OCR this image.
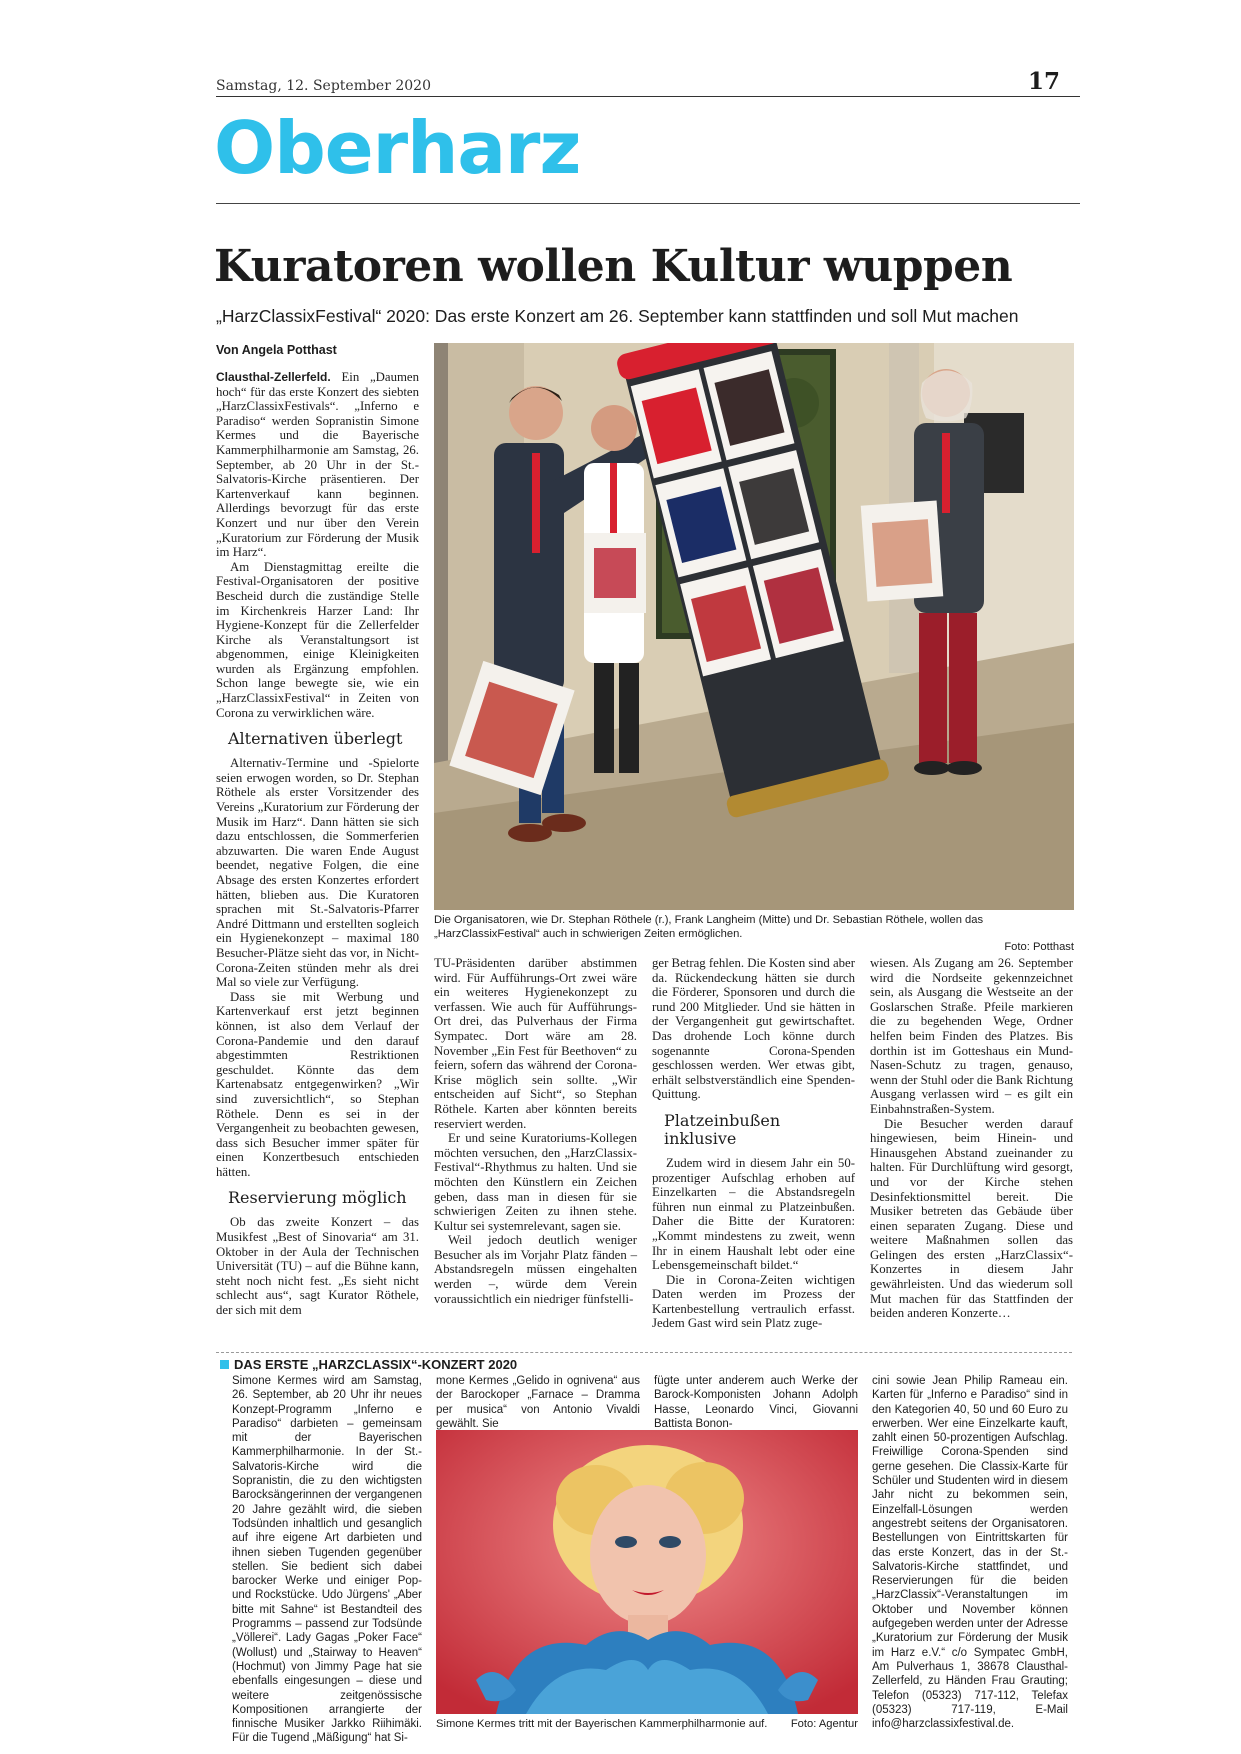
Samstag, 12. September 2020	17
Oberharz
Kuratoren wollen Kultur wuppen
„HarzClassixFestival“ 2020: Das erste Konzert am 26. September kann stattfinden und soll Mut machen
Von Angela Potthast

Clausthal-Zellerfeld. Ein „Daumen hoch“ für das erste Konzert des siebten „HarzClassixFestivals“. „Inferno e Paradiso“ werden Sopranistin Simone Kermes und die Bayerische Kammerphilharmonie am Samstag, 26. September, ab 20 Uhr in der St.-Salvatoris-Kirche präsentieren. Der Kartenverkauf kann beginnen. Allerdings bevorzugt für das erste Konzert und nur über den Verein „Kuratorium zur Förderung der Musik im Harz“.

Am Dienstagmittag ereilte die Festival-Organisatoren der positive Bescheid durch die zuständige Stelle im Kirchenkreis Harzer Land: Ihr Hygiene-Konzept für die Zellerfelder Kirche als Veranstaltungsort ist abgenommen, einige Kleinigkeiten wurden als Ergänzung empfohlen. Schon lange bewegte sie, wie ein „HarzClassixFestival“ in Zeiten von Corona zu verwirklichen wäre.

Alternativen überlegt

Alternativ-Termine und -Spielorte seien erwogen worden, so Dr. Stephan Röthele als erster Vorsitzender des Vereins „Kuratorium zur Förderung der Musik im Harz“. Dann hätten sie sich dazu entschlossen, die Sommerferien abzuwarten. Die waren Ende August beendet, negative Folgen, die eine Absage des ersten Konzertes erfordert hätten, blieben aus. Die Kuratoren sprachen mit St.-Salvatoris-Pfarrer André Dittmann und erstellten sogleich ein Hygienekonzept – maximal 180 Besucher-Plätze sieht das vor, in Nicht-Corona-Zeiten stünden mehr als drei Mal so viele zur Verfügung.

Dass sie mit Werbung und Kartenverkauf erst jetzt beginnen können, ist also dem Verlauf der Corona-Pandemie und den darauf abgestimmten Restriktionen geschuldet. Könnte das dem Kartenabsatz entgegenwirken? „Wir sind zuversichtlich“, so Stephan Röthele. Denn es sei in der Vergangenheit zu beobachten gewesen, dass sich Besucher immer später für einen Konzertbesuch entschieden hätten.

Reservierung möglich

Ob das zweite Konzert – das Musikfest „Best of Sinovaria“ am 31. Oktober in der Aula der Technischen Universität (TU) – auf die Bühne kann, steht noch nicht fest. „Es sieht nicht schlecht aus“, sagt Kurator Röthele, der sich mit dem

Die Organisatoren, wie Dr. Stephan Röthele (r.), Frank Langheim (Mitte) und Dr. Sebastian Röthele, wollen das „HarzClassixFestival“ auch in schwierigen Zeiten ermöglichen.
Foto: Potthast

TU-Präsidenten darüber abstimmen wird. Für Aufführungs-Ort zwei wäre ein weiteres Hygienekonzept zu verfassen. Wie auch für Aufführungs-Ort drei, das Pulverhaus der Firma Sympatec. Dort wäre am 28. November „Ein Fest für Beethoven“ zu feiern, sofern das während der Corona-Krise möglich sein sollte. „Wir entscheiden auf Sicht“, so Stephan Röthele. Karten aber könnten bereits reserviert werden.

Er und seine Kuratoriums-Kollegen möchten versuchen, den „HarzClassix-Festival“-Rhythmus zu halten. Und sie möchten den Künstlern ein Zeichen geben, dass man in diesen für sie schwierigen Zeiten zu ihnen stehe. Kultur sei systemrelevant, sagen sie.

Weil jedoch deutlich weniger Besucher als im Vorjahr Platz fänden – Abstandsregeln müssen eingehalten werden –, würde dem Verein voraussichtlich ein niedriger fünfstelli-

ger Betrag fehlen. Die Kosten sind aber da. Rückendeckung hätten sie durch die Förderer, Sponsoren und durch die rund 200 Mitglieder. Und sie hätten in der Vergangenheit gut gewirtschaftet. Das drohende Loch könne durch sogenannte Corona-Spenden geschlossen werden. Wer etwas gibt, erhält selbstverständlich eine Spenden-Quittung.

Platzeinbußen inklusive

Zudem wird in diesem Jahr ein 50-prozentiger Aufschlag erhoben auf Einzelkarten – die Abstandsregeln führen nun einmal zu Platzeinbußen. Daher die Bitte der Kuratoren: „Kommt mindestens zu zweit, wenn Ihr in einem Haushalt lebt oder eine Lebensgemeinschaft bildet.“

Die in Corona-Zeiten wichtigen Daten werden im Prozess der Kartenbestellung vertraulich erfasst. Jedem Gast wird sein Platz zuge-

wiesen. Als Zugang am 26. September wird die Nordseite gekennzeichnet sein, als Ausgang die Westseite an der Goslarschen Straße. Pfeile markieren die zu begehenden Wege, Ordner helfen beim Finden des Platzes. Bis dorthin ist im Gotteshaus ein Mund-Nasen-Schutz zu tragen, genauso, wenn der Stuhl oder die Bank Richtung Ausgang verlassen wird – es gilt ein Einbahnstraßen-System.

Die Besucher werden darauf hingewiesen, beim Hinein- und Hinausgehen Abstand zueinander zu halten. Für Durchlüftung wird gesorgt, und vor der Kirche stehen Desinfektionsmittel bereit. Die Musiker betreten das Gebäude über einen separaten Zugang. Diese und weitere Maßnahmen sollen das Gelingen des ersten „HarzClassix“-Konzertes in diesem Jahr gewährleisten. Und das wiederum soll Mut machen für das Stattfinden der beiden anderen Konzerte…

DAS ERSTE „HARZCLASSIX“-KONZERT 2020

Simone Kermes wird am Samstag, 26. September, ab 20 Uhr ihr neues Konzept-Programm „Inferno e Paradiso“ darbieten – gemeinsam mit der Bayerischen Kammerphilharmonie. In der St.-Salvatoris-Kirche wird die Sopranistin, die zu den wichtigsten Barocksängerinnen der vergangenen 20 Jahre gezählt wird, die sieben Todsünden inhaltlich und gesanglich auf ihre eigene Art darbieten und ihnen sieben Tugenden gegenüber stellen. Sie bedient sich dabei barocker Werke und einiger Pop- und Rockstücke. Udo Jürgens' „Aber bitte mit Sahne“ ist Bestandteil des Programms – passend zur Todsünde „Völlerei“. Lady Gagas „Poker Face“ (Wollust) und „Stairway to Heaven“ (Hochmut) von Jimmy Page hat sie ebenfalls eingesungen – diese und weitere zeitgenössische Kompositionen arrangierte der finnische Musiker Jarkko Riihimäki. Für die Tugend „Mäßigung“ hat Si-

mone Kermes „Gelido in ognivena“ aus der Barockoper „Farnace – Dramma per musica“ von Antonio Vivaldi gewählt. Sie

fügte unter anderem auch Werke der Barock-Komponisten Johann Adolph Hasse, Leonardo Vinci, Giovanni Battista Bonon-

cini sowie Jean Philip Rameau ein. Karten für „Inferno e Paradiso“ sind in den Kategorien 40, 50 und 60 Euro zu erwerben. Wer eine Einzelkarte kauft, zahlt einen 50-prozentigen Aufschlag. Freiwillige Corona-Spenden sind gerne gesehen. Die Classix-Karte für Schüler und Studenten wird in diesem Jahr nicht zu bekommen sein, Einzelfall-Lösungen werden angestrebt seitens der Organisatoren. Bestellungen von Eintrittskarten für das erste Konzert, das in der St.-Salvatoris-Kirche stattfindet, und Reservierungen für die beiden „HarzClassix“-Veranstaltungen im Oktober und November können aufgegeben werden unter der Adresse „Kuratorium zur Förderung der Musik im Harz e.V.“ c/o Sympatec GmbH, Am Pulverhaus 1, 38678 Clausthal-Zellerfeld, zu Händen Frau Grauting; Telefon (05323) 717-112, Telefax (05323) 717-119, E-Mail info@harzclassixfestival.de.

Simone Kermes tritt mit der Bayerischen Kammerphilharmonie auf. Foto: Agentur
